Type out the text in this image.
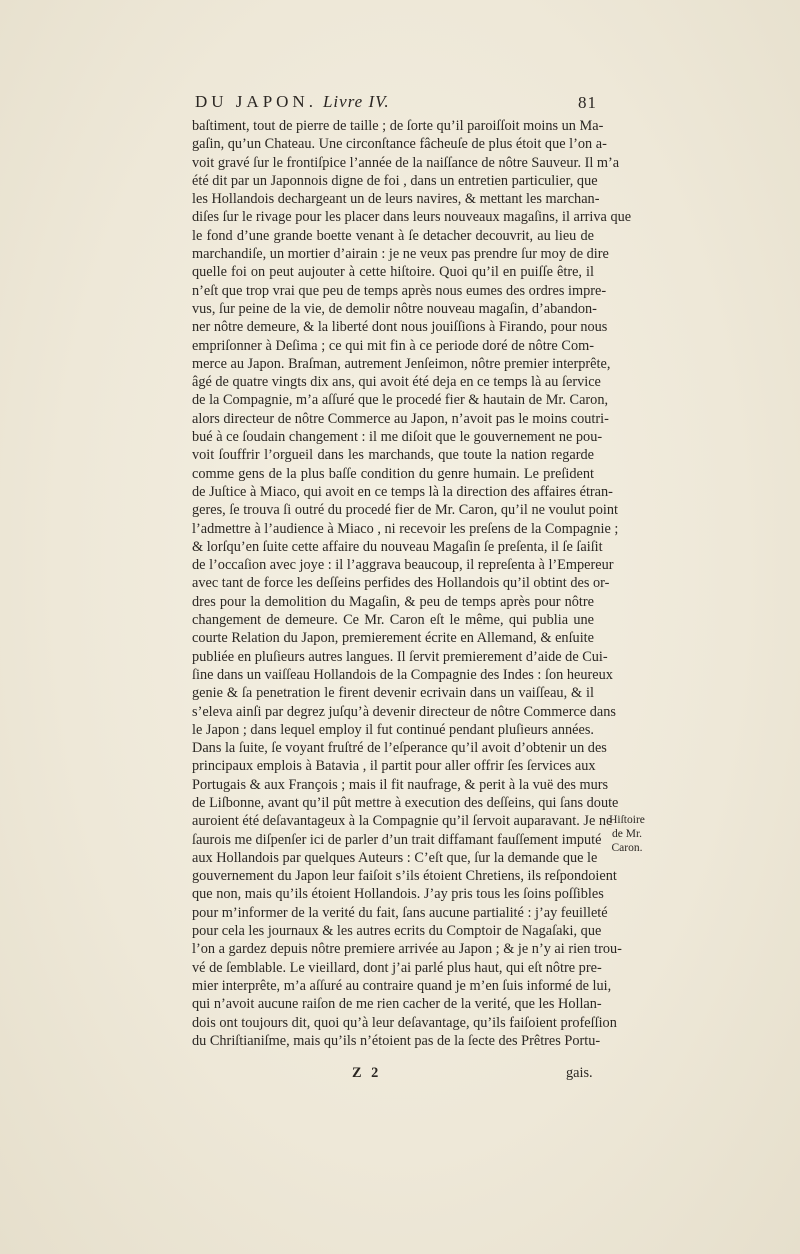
DU JAPON. Livre IV.	81
baſtiment, tout de pierre de taille ; de ſorte qu’il paroiſſoit moins un Ma-
gaſin, qu’un Chateau. Une circonſtance fâcheuſe de plus étoit que l’on a-
voit gravé ſur le frontiſpice l’année de la naiſſance de nôtre Sauveur. Il m’a
été dit par un Japonnois digne de foi , dans un entretien particulier, que
les Hollandois dechargeant un de leurs navires, & mettant les marchan-
diſes ſur le rivage pour les placer dans leurs nouveaux magaſins, il arriva que
le fond d’une grande boette venant à ſe detacher decouvrit, au lieu de
marchandiſe, un mortier d’airain : je ne veux pas prendre ſur moy de dire
quelle foi on peut aujouter à cette hiſtoire. Quoi qu’il en puiſſe être, il
n’eſt que trop vrai que peu de temps après nous eumes des ordres impre-
vus, ſur peine de la vie, de demolir nôtre nouveau magaſin, d’abandon-
ner nôtre demeure, & la liberté dont nous jouiſſions à Firando, pour nous
empriſonner à Deſima ; ce qui mit fin à ce periode doré de nôtre Com-
merce au Japon. Braſman, autrement Jenſeimon, nôtre premier interprête,
âgé de quatre vingts dix ans, qui avoit été deja en ce temps là au ſervice
de la Compagnie, m’a aſſuré que le procedé fier & hautain de Mr. Caron,
alors directeur de nôtre Commerce au Japon, n’avoit pas le moins coutri-
bué à ce ſoudain changement : il me diſoit que le gouvernement ne pou-
voit ſouffrir l’orgueil dans les marchands, que toute la nation regarde
comme gens de la plus baſſe condition du genre humain. Le preſident
de Juſtice à Miaco, qui avoit en ce temps là la direction des affaires étran-
geres, ſe trouva ſi outré du procedé fier de Mr. Caron, qu’il ne voulut point
l’admettre à l’audience à Miaco , ni recevoir les preſens de la Compagnie ;
& lorſqu’en ſuite cette affaire du nouveau Magaſin ſe preſenta, il ſe ſaiſit
de l’occaſion avec joye : il l’aggrava beaucoup, il repreſenta à l’Empereur
avec tant de force les deſſeins perfides des Hollandois qu’il obtint des or-
dres pour la demolition du Magaſin, & peu de temps après pour nôtre
changement de demeure. Ce Mr. Caron eſt le même, qui publia une
courte Relation du Japon, premierement écrite en Allemand, & enſuite
publiée en pluſieurs autres langues. Il ſervit premierement d’aide de Cui-
ſine dans un vaiſſeau Hollandois de la Compagnie des Indes : ſon heureux
genie & ſa penetration le firent devenir ecrivain dans un vaiſſeau, & il
s’eleva ainſi par degrez juſqu’à devenir directeur de nôtre Commerce dans
le Japon ; dans lequel employ il fut continué pendant pluſieurs années.
Dans la ſuite, ſe voyant fruſtré de l’eſperance qu’il avoit d’obtenir un des
principaux emplois à Batavia , il partit pour aller offrir ſes ſervices aux
Portugais & aux François ; mais il fit naufrage, & perit à la vuë des murs
de Liſbonne, avant qu’il pût mettre à execution des deſſeins, qui ſans doute
auroient été deſavantageux à la Compagnie qu’il ſervoit auparavant. Je ne
ſaurois me diſpenſer ici de parler d’un trait diffamant fauſſement imputé
aux Hollandois par quelques Auteurs : C’eſt que, ſur la demande que le
gouvernement du Japon leur faiſoit s’ils étoient Chretiens, ils reſpondoient
que non, mais qu’ils étoient Hollandois. J’ay pris tous les ſoins poſſibles
pour m’informer de la verité du fait, ſans aucune partialité : j’ay feuilleté
pour cela les journaux & les autres ecrits du Comptoir de Nagaſaki, que
l’on a gardez depuis nôtre premiere arrivée au Japon ; & je n’y ai rien trou-
vé de ſemblable. Le vieillard, dont j’ai parlé plus haut, qui eſt nôtre pre-
mier interprête, m’a aſſuré au contraire quand je m’en ſuis informé de lui,
qui n’avoit aucune raiſon de me rien cacher de la verité, que les Hollan-
dois ont toujours dit, quoi qu’à leur deſavantage, qu’ils faiſoient profeſſion
du Chriſtianiſme, mais qu’ils n’étoient pas de la ſecte des Prêtres Portu-
Hiſtoire
de Mr.
Caron.
Z 2	gais.
